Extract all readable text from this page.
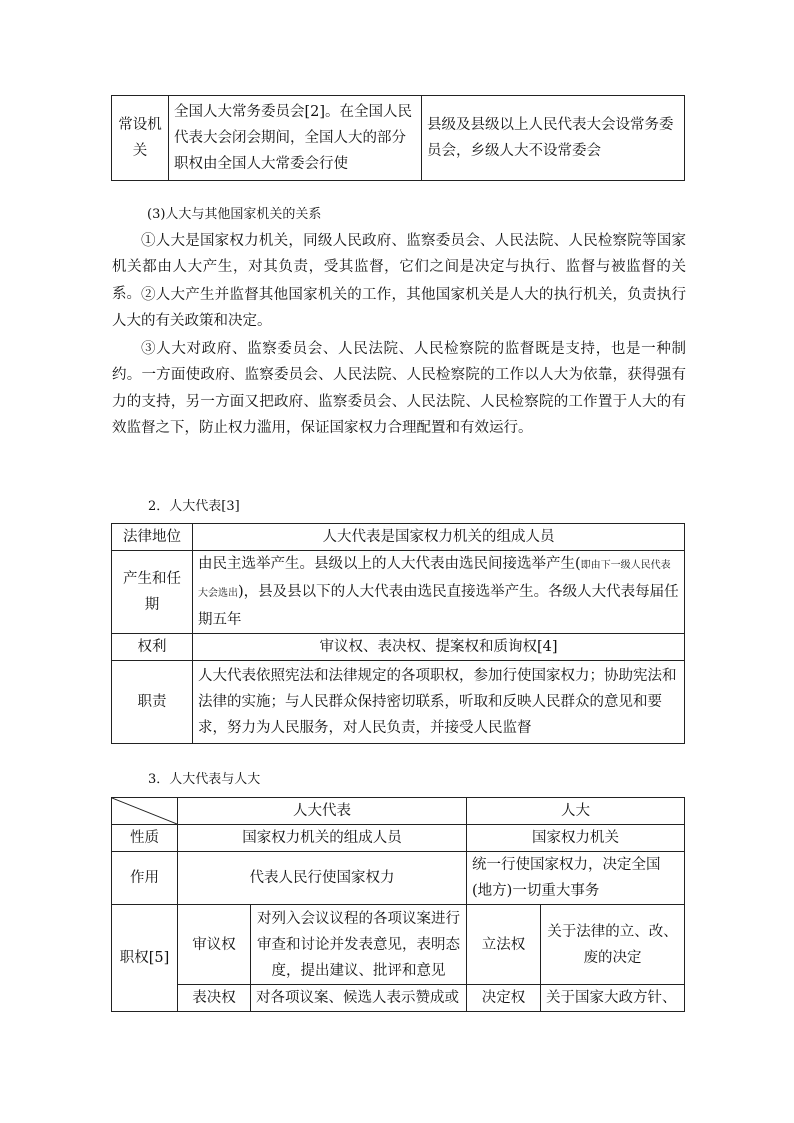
常设机关	全国人大常务委员会[2]。在全国人民代表大会闭会期间，全国人大的部分职权由全国人大常委会行使	县级及县级以上人民代表大会设常务委员会，乡级人大不设常委会
(3)人大与其他国家机关的关系
①人大是国家权力机关，同级人民政府、监察委员会、人民法院、人民检察院等国家机关都由人大产生，对其负责，受其监督，它们之间是决定与执行、监督与被监督的关系。 ②人大产生并监督其他国家机关的工作，其他国家机关是人大的执行机关，负责执行人大的有关政策和决定。
③人大对政府、监察委员会、人民法院、人民检察院的监督既是支持，也是一种制约。一方面使政府、监察委员会、人民法院、人民检察院的工作以人大为依靠，获得强有力的支持，另一方面又把政府、监察委员会、人民法院、人民检察院的工作置于人大的有效监督之下，防止权力滥用，保证国家权力合理配置和有效运行。
2．人大代表[3]
法律地位	人大代表是国家权力机关的组成人员
产生和任期	由民主选举产生。县级以上的人大代表由选民间接选举产生(即由下一级人民代表大会选出)，县及县以下的人大代表由选民直接选举产生。各级人大代表每届任期五年
权利	审议权、表决权、提案权和质询权[4]
职责	人大代表依照宪法和法律规定的各项职权，参加行使国家权力；协助宪法和法律的实施；与人民群众保持密切联系，听取和反映人民群众的意见和要求，努力为人民服务，对人民负责，并接受人民监督
3．人大代表与人大
	人大代表		人大	
性质	国家权力机关的组成人员		国家权力机关	
作用	代表人民行使国家权力		统一行使国家权力，决定全国(地方)一切重大事务	
职权[5]	审议权	对列入会议议程的各项议案进行审查和讨论并发表意见，表明态度，提出建议、批评和意见	立法权	关于法律的立、改、废的决定
	表决权	对各项议案、候选人表示赞成或	决定权	关于国家大政方针、
